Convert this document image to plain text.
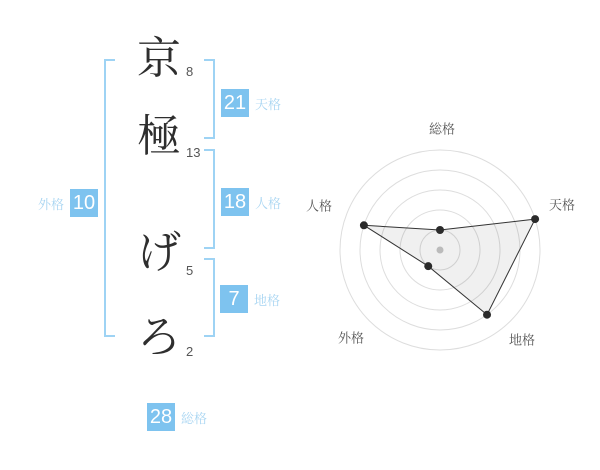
京
極
げ
ろ
8
13
5
2
21 天格
18 人格
7	地格
外格 10
28 総格
総格
天格
地格
外格
人格
